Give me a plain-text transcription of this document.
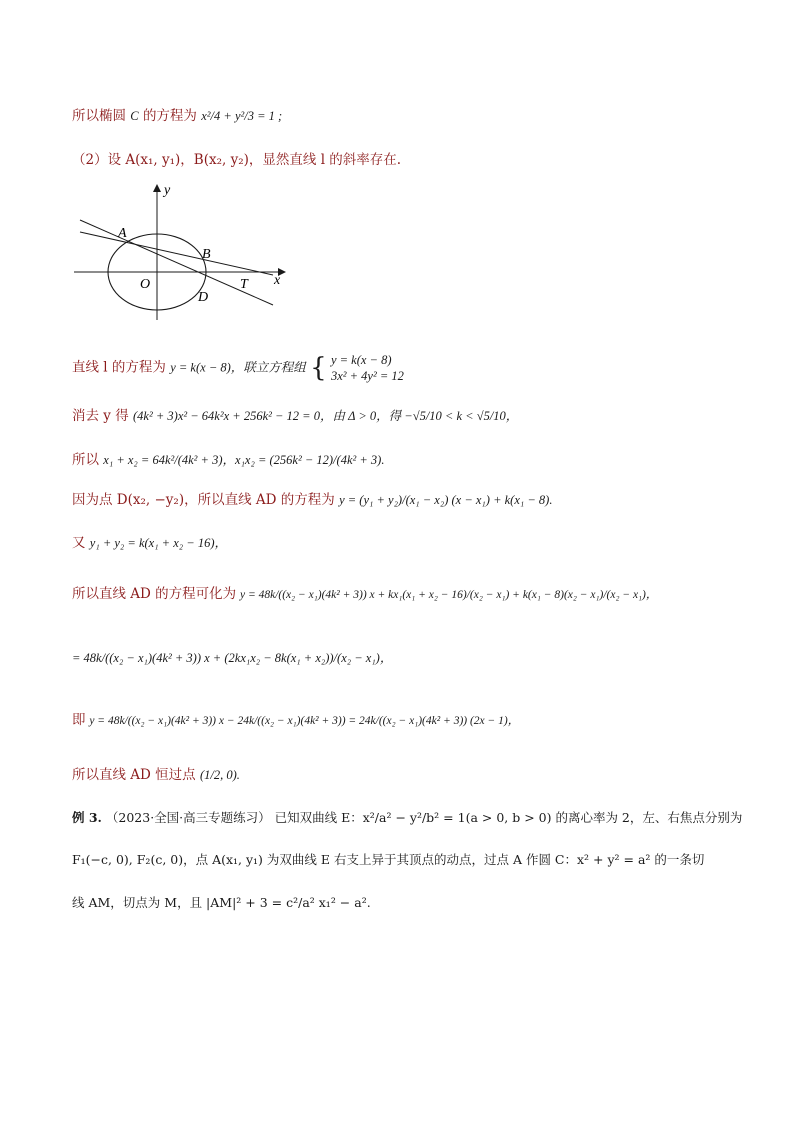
所以椭圆 C 的方程为 x²/4 + y²/3 = 1 ;
（2）设 A(x₁, y₁)，B(x₂, y₂)，显然直线 l 的斜率存在.
A
B
O
D
T x
y
直线 l 的方程为 y = k(x − 8)，联立方程组 { y = k(x − 8)
3x² + 4y² = 12
消去 y 得 (4k² + 3)x² − 64k²x + 256k² − 12 = 0，由 Δ > 0，得 −√5/10 < k < √5/10，
所以 x₁ + x₂ = 64k²/(4k² + 3)，x₁x₂ = (256k² − 12)/(4k² + 3).
因为点 D(x₂, −y₂)，所以直线 AD 的方程为 y = (y₁ + y₂)/(x₁ − x₂) (x − x₁) + k(x₁ − 8).
又 y₁ + y₂ = k(x₁ + x₂ − 16)，
所以直线 AD 的方程可化为 y = 48k/((x₂ − x₁)(4k² + 3)) x + kx₁(x₁ + x₂ − 16)/(x₂ − x₁) + k(x₁ − 8)(x₂ − x₁)/(x₂ − x₁)，
= 48k/((x₂ − x₁)(4k² + 3)) x + (2kx₁x₂ − 8k(x₁ + x₂))/(x₂ − x₁)，
即 y = 48k/((x₂ − x₁)(4k² + 3)) x − 24k/((x₂ − x₁)(4k² + 3)) = 24k/((x₂ − x₁)(4k² + 3)) (2x − 1)，
所以直线 AD 恒过点 (1/2, 0).
例 3. （2023·全国·高三专题练习） 已知双曲线 E：x²/a² − y²/b² = 1(a > 0, b > 0) 的离心率为 2，左、右焦点分别为
F₁(−c, 0), F₂(c, 0)，点 A(x₁, y₁) 为双曲线 E 右支上异于其顶点的动点，过点 A 作圆 C：x² + y² = a² 的一条切
线 AM，切点为 M，且 |AM|² + 3 = c²/a² x₁² − a².
